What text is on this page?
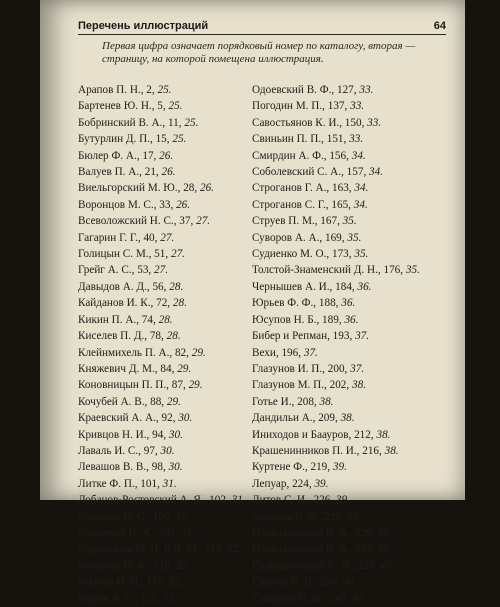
Перечень иллюстраций	64
Первая цифра означает порядковый номер по каталогу, вторая — страницу, на которой помещена иллюстрация.
Арапов П. Н., 2, 25.
Бартенев Ю. Н., 5, 25.
Бобринский В. А., 11, 25.
Бутурлин Д. П., 15, 25.
Бюлер Ф. А., 17, 26.
Валуев П. А., 21, 26.
Виельгорский М. Ю., 28, 26.
Воронцов М. С., 33, 26.
Всеволожский Н. С., 37, 27.
Гагарин Г. Г., 40, 27.
Голицын С. М., 51, 27.
Грейг А. С., 53, 27.
Давыдов А. Д., 56, 28.
Кайданов И. К., 72, 28.
Кикин П. А., 74, 28.
Киселев П. Д., 78, 28.
Клейнмихель П. А., 82, 29.
Княжевич Д. М., 84, 29.
Коновницын П. П., 87, 29.
Кочубей А. В., 88, 29.
Краевский А. А., 92, 30.
Кривцов Н. И., 94, 30.
Лаваль И. С., 97, 30.
Левашов В. В., 98, 30.
Литке Ф. П., 101, 31.
Лобанов-Ростовский А. Я., 102, 31.
Мальцов И. С., 106, 31.
Маркевич Н. А., 107, 31.
Муравьевы М. Н. и Н. М., 113, 32.
Муханов П. А., 118, 32.
Мятлев И. П., 119, 32.
Норов А. С., 125, 32.
Одоевский В. Ф., 127, 33.
Погодин М. П., 137, 33.
Савостьянов К. И., 150, 33.
Свиньин П. П., 151, 33.
Смирдин А. Ф., 156, 34.
Соболевский С. А., 157, 34.
Строганов Г. А., 163, 34.
Строганов С. Г., 165, 34.
Струев П. М., 167, 35.
Суворов А. А., 169, 35.
Судиенко М. О., 173, 35.
Толстой-Знаменский Д. Н., 176, 35.
Чернышев А. И., 184, 36.
Юрьев Ф. Ф., 188, 36.
Юсупов Н. Б., 189, 36.
Бибер и Репман, 193, 37.
Вехи, 196, 37.
Глазунов И. П., 200, 37.
Глазунов М. П., 202, 38.
Готье И., 208, 38.
Дандильи А., 209, 38.
Иниходов и Баауров, 212, 38.
Крашенинников П. И., 216, 38.
Куртене Ф., 219, 39.
Лепуар, 224, 39.
Литов С. И., 226, 39.
Логинов В. В., 227, 39.
Плавильщиков В. А., 229, 39.
Плавильщиков В. А., 232, 39.
Селивановский С. И., 238, 40.
Сленин И. В., 240, 40.
Смирдин И. Ф., 243, 40.
